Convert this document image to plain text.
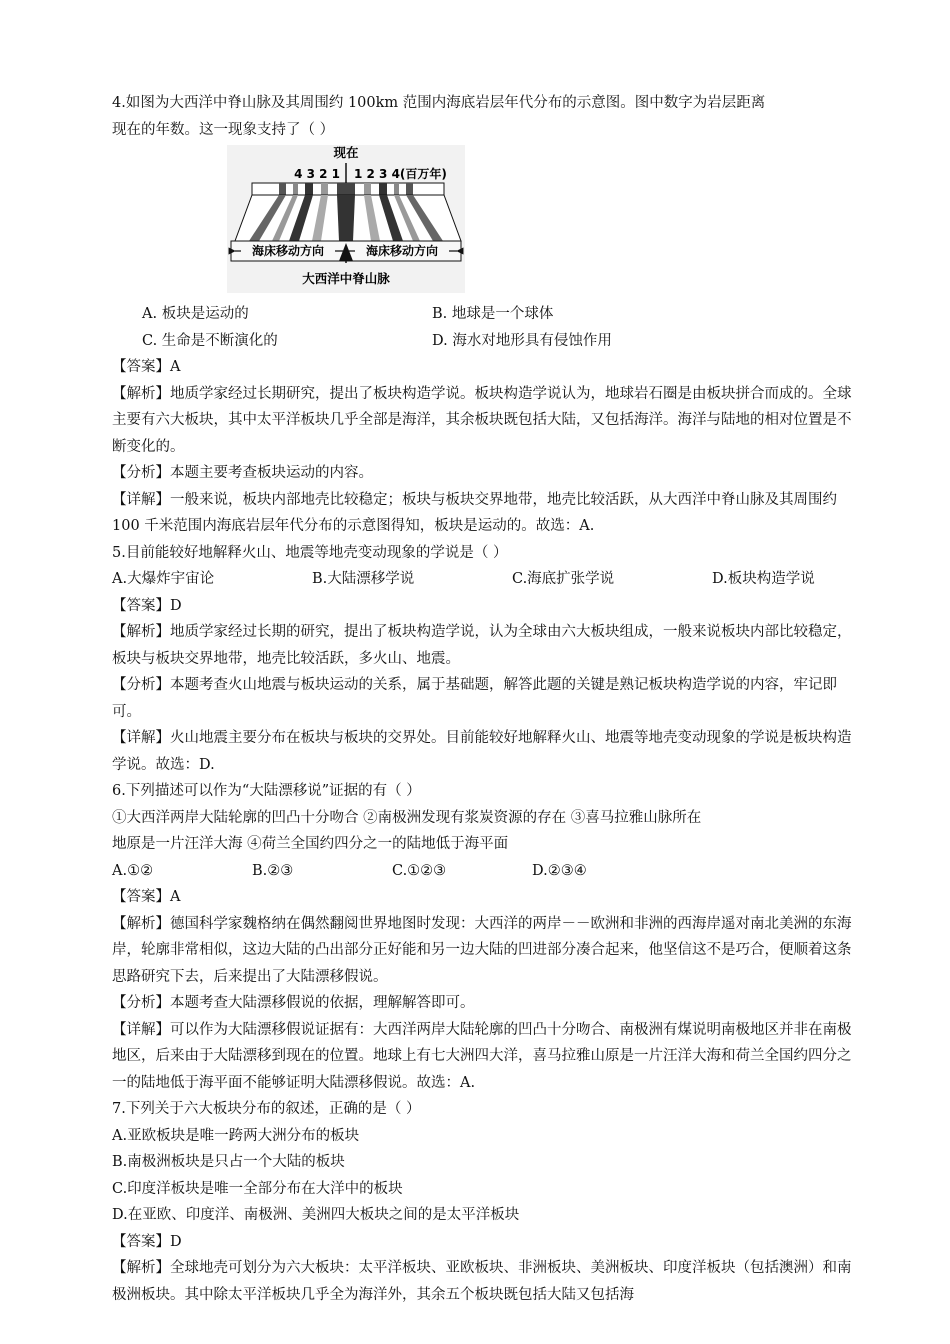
4.如图为大西洋中脊山脉及其周围约 100km 范围内海底岩层年代分布的示意图。图中数字为岩层距离

现在的年数。这一现象支持了（ ）

现在
4 3 2 1 1 2 3 4(百万年)
海床移动方向	海床移动方向
大西洋中脊山脉
A. 板块是运动的	B. 地球是一个球体
C. 生命是不断演化的	D. 海水对地形具有侵蚀作用

【答案】A

【解析】地质学家经过长期研究，提出了板块构造学说。板块构造学说认为，地球岩石圈是由板块拼合而成的。全球主要有六大板块，其中太平洋板块几乎全部是海洋，其余板块既包括大陆，又包括海洋。海洋与陆地的相对位置是不断变化的。

【分析】本题主要考查板块运动的内容。

【详解】一般来说，板块内部地壳比较稳定；板块与板块交界地带，地壳比较活跃，从大西洋中脊山脉及其周围约 100 千米范围内海底岩层年代分布的示意图得知，板块是运动的。故选：A.

5.目前能较好地解释火山、地震等地壳变动现象的学说是（ ）

A.大爆炸宇宙论	B.大陆漂移学说	C.海底扩张学说	D.板块构造学说

【答案】D

【解析】地质学家经过长期的研究，提出了板块构造学说，认为全球由六大板块组成，一般来说板块内部比较稳定，板块与板块交界地带，地壳比较活跃，多火山、地震。

【分析】本题考查火山地震与板块运动的关系，属于基础题，解答此题的关键是熟记板块构造学说的内容，牢记即可。

【详解】火山地震主要分布在板块与板块的交界处。目前能较好地解释火山、地震等地壳变动现象的学说是板块构造学说。故选：D.

6.下列描述可以作为“大陆漂移说”证据的有（ ）

①大西洋两岸大陆轮廓的凹凸十分吻合 ②南极洲发现有浆炭资源的存在 ③喜马拉雅山脉所在

地原是一片汪洋大海 ④荷兰全国约四分之一的陆地低于海平面

A.①②	B.②③	C.①②③	D.②③④

【答案】A

【解析】德国科学家魏格纳在偶然翻阅世界地图时发现：大西洋的两岸－－欧洲和非洲的西海岸遥对南北美洲的东海岸，轮廓非常相似，这边大陆的凸出部分正好能和另一边大陆的凹进部分凑合起来，他坚信这不是巧合，便顺着这条思路研究下去，后来提出了大陆漂移假说。

【分析】本题考查大陆漂移假说的依据，理解解答即可。

【详解】可以作为大陆漂移假说证据有：大西洋两岸大陆轮廓的凹凸十分吻合、南极洲有煤说明南极地区并非在南极地区，后来由于大陆漂移到现在的位置。地球上有七大洲四大洋，喜马拉雅山原是一片汪洋大海和荷兰全国约四分之一的陆地低于海平面不能够证明大陆漂移假说。故选：A.

7.下列关于六大板块分布的叙述，正确的是（ ）

A.亚欧板块是唯一跨两大洲分布的板块

B.南极洲板块是只占一个大陆的板块

C.印度洋板块是唯一全部分布在大洋中的板块

D.在亚欧、印度洋、南极洲、美洲四大板块之间的是太平洋板块

【答案】D

【解析】全球地壳可划分为六大板块：太平洋板块、亚欧板块、非洲板块、美洲板块、印度洋板块（包括澳洲）和南极洲板块。其中除太平洋板块几乎全为海洋外，其余五个板块既包括大陆又包括海
